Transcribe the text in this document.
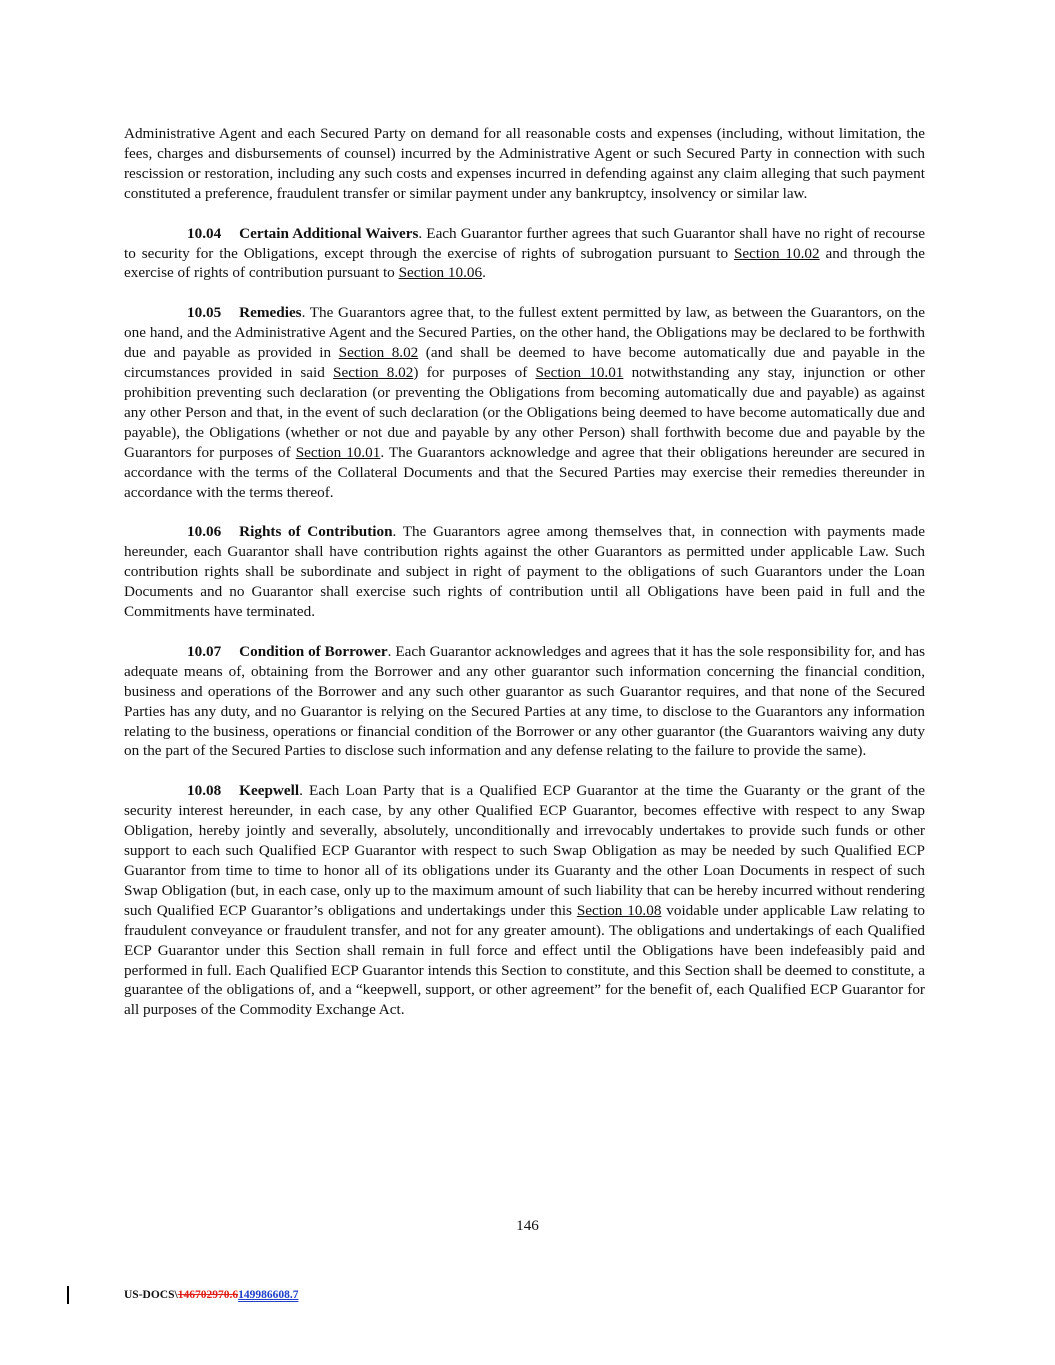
Administrative Agent and each Secured Party on demand for all reasonable costs and expenses (including, without limitation, the fees, charges and disbursements of counsel) incurred by the Administrative Agent or such Secured Party in connection with such rescission or restoration, including any such costs and expenses incurred in defending against any claim alleging that such payment constituted a preference, fraudulent transfer or similar payment under any bankruptcy, insolvency or similar law.

10.04 Certain Additional Waivers. Each Guarantor further agrees that such Guarantor shall have no right of recourse to security for the Obligations, except through the exercise of rights of subrogation pursuant to Section 10.02 and through the exercise of rights of contribution pursuant to Section 10.06.

10.05 Remedies. The Guarantors agree that, to the fullest extent permitted by law, as between the Guarantors, on the one hand, and the Administrative Agent and the Secured Parties, on the other hand, the Obligations may be declared to be forthwith due and payable as provided in Section 8.02 (and shall be deemed to have become automatically due and payable in the circumstances provided in said Section 8.02) for purposes of Section 10.01 notwithstanding any stay, injunction or other prohibition preventing such declaration (or preventing the Obligations from becoming automatically due and payable) as against any other Person and that, in the event of such declaration (or the Obligations being deemed to have become automatically due and payable), the Obligations (whether or not due and payable by any other Person) shall forthwith become due and payable by the Guarantors for purposes of Section 10.01. The Guarantors acknowledge and agree that their obligations hereunder are secured in accordance with the terms of the Collateral Documents and that the Secured Parties may exercise their remedies thereunder in accordance with the terms thereof.

10.06 Rights of Contribution. The Guarantors agree among themselves that, in connection with payments made hereunder, each Guarantor shall have contribution rights against the other Guarantors as permitted under applicable Law. Such contribution rights shall be subordinate and subject in right of payment to the obligations of such Guarantors under the Loan Documents and no Guarantor shall exercise such rights of contribution until all Obligations have been paid in full and the Commitments have terminated.

10.07 Condition of Borrower. Each Guarantor acknowledges and agrees that it has the sole responsibility for, and has adequate means of, obtaining from the Borrower and any other guarantor such information concerning the financial condition, business and operations of the Borrower and any such other guarantor as such Guarantor requires, and that none of the Secured Parties has any duty, and no Guarantor is relying on the Secured Parties at any time, to disclose to the Guarantors any information relating to the business, operations or financial condition of the Borrower or any other guarantor (the Guarantors waiving any duty on the part of the Secured Parties to disclose such information and any defense relating to the failure to provide the same).

10.08 Keepwell. Each Loan Party that is a Qualified ECP Guarantor at the time the Guaranty or the grant of the security interest hereunder, in each case, by any other Qualified ECP Guarantor, becomes effective with respect to any Swap Obligation, hereby jointly and severally, absolutely, unconditionally and irrevocably undertakes to provide such funds or other support to each such Qualified ECP Guarantor with respect to such Swap Obligation as may be needed by such Qualified ECP Guarantor from time to time to honor all of its obligations under its Guaranty and the other Loan Documents in respect of such Swap Obligation (but, in each case, only up to the maximum amount of such liability that can be hereby incurred without rendering such Qualified ECP Guarantor’s obligations and undertakings under this Section 10.08 voidable under applicable Law relating to fraudulent conveyance or fraudulent transfer, and not for any greater amount). The obligations and undertakings of each Qualified ECP Guarantor under this Section shall remain in full force and effect until the Obligations have been indefeasibly paid and performed in full. Each Qualified ECP Guarantor intends this Section to constitute, and this Section shall be deemed to constitute, a guarantee of the obligations of, and a “keepwell, support, or other agreement” for the benefit of, each Qualified ECP Guarantor for all purposes of the Commodity Exchange Act.

146
US-DOCS\146702970.6149986608.7
